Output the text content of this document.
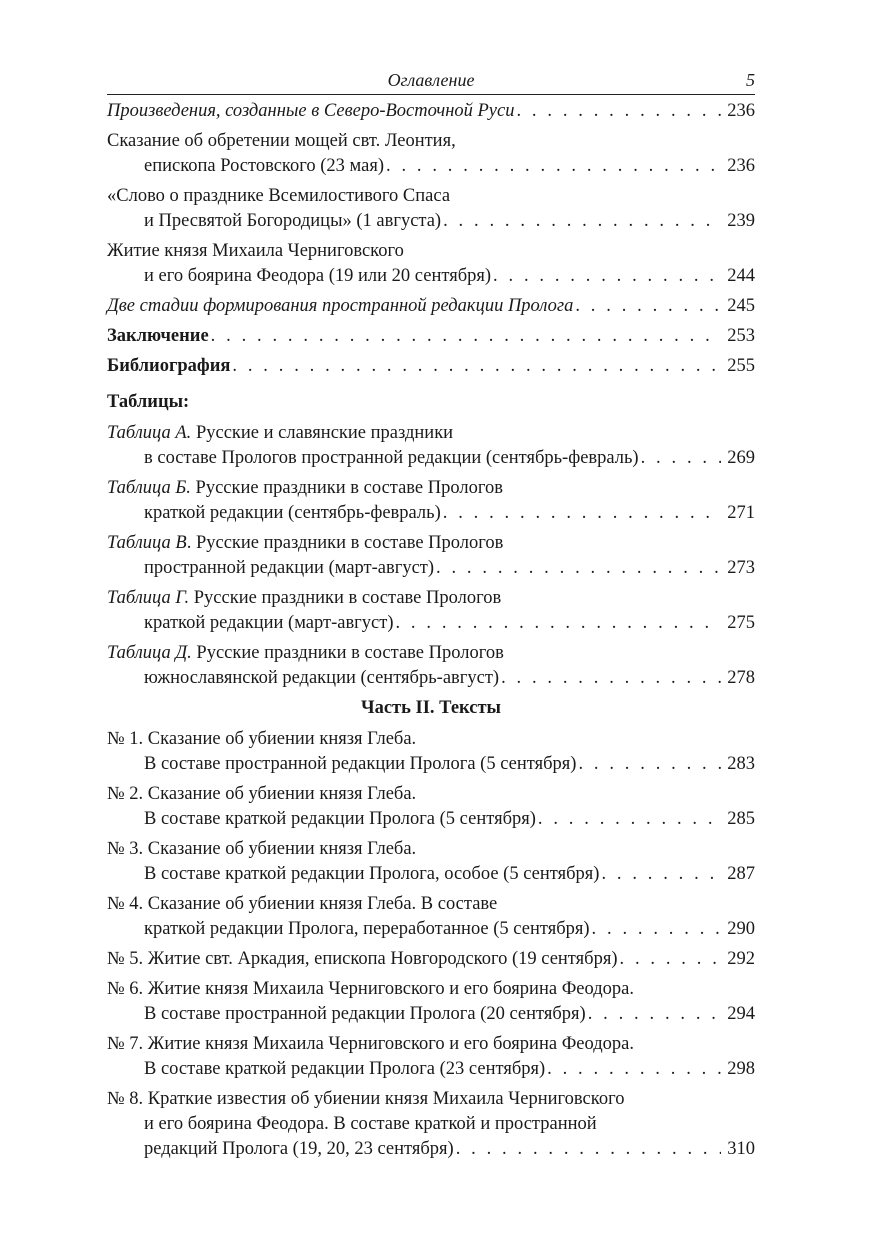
Оглавление	5
Произведения, созданные в Северо-Восточной Руси . . .	236
Сказание об обретении мощей свт. Леонтия,
епископа Ростовского (23 мая) . . .	236
«Слово о празднике Всемилостивого Спаса
и Пресвятой Богородицы» (1 августа) . . .	239
Житие князя Михаила Черниговского
и его боярина Феодора (19 или 20 сентября) . . .	244
Две стадии формирования пространной редакции Пролога . . .	245
Заключение . . .	253
Библиография . . .	255
Таблицы:
Таблица А. Русские и славянские праздники
в составе Прологов пространной редакции (сентябрь-февраль) . . .	269
Таблица Б. Русские праздники в составе Прологов
краткой редакции (сентябрь-февраль) . . .	271
Таблица В. Русские праздники в составе Прологов
пространной редакции (март-август) . . .	273
Таблица Г. Русские праздники в составе Прологов
краткой редакции (март-август) . . .	275
Таблица Д. Русские праздники в составе Прологов
южнославянской редакции (сентябрь-август) . . .	278
Часть II. Тексты
№ 1. Сказание об убиении князя Глеба.
В составе пространной редакции Пролога (5 сентября) . . .	283
№ 2. Сказание об убиении князя Глеба.
В составе краткой редакции Пролога (5 сентября) . . .	285
№ 3. Сказание об убиении князя Глеба.
В составе краткой редакции Пролога, особое (5 сентября) . . .	287
№ 4. Сказание об убиении князя Глеба. В составе
краткой редакции Пролога, переработанное (5 сентября) . . .	290
№ 5. Житие свт. Аркадия, епископа Новгородского (19 сентября) . . .	292
№ 6. Житие князя Михаила Черниговского и его боярина Феодора.
В составе пространной редакции Пролога (20 сентября) . . .	294
№ 7. Житие князя Михаила Черниговского и его боярина Феодора.
В составе краткой редакции Пролога (23 сентября) . . .	298
№ 8. Краткие известия об убиении князя Михаила Черниговского
и его боярина Феодора. В составе краткой и пространной
редакций Пролога (19, 20, 23 сентября) . . .	310
